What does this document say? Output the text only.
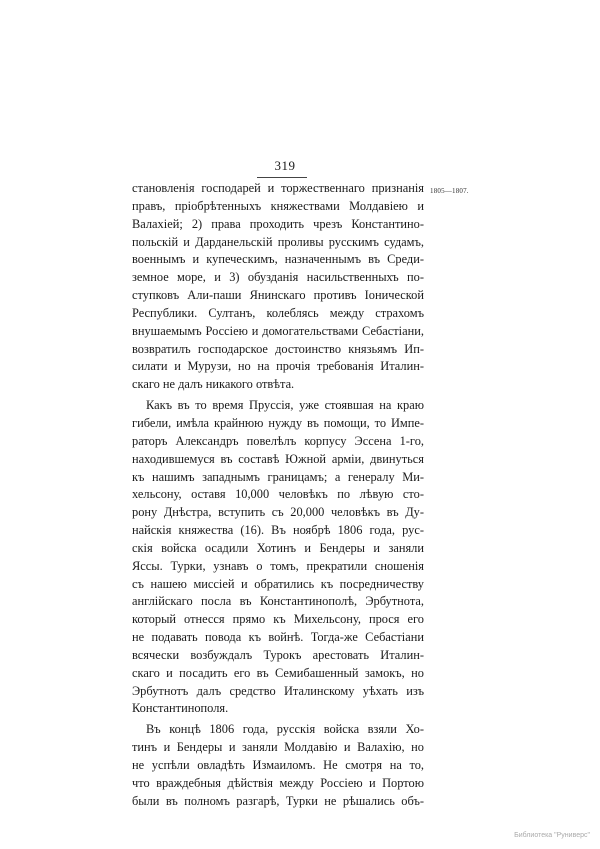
319
1805—1807.
становленія господарей и торжественнаго признанія
правъ, пріобрѣтенныхъ княжествами Молдавіею и
Валахіей; 2) права проходить чрезъ Константино-
польскій и Дарданельскій проливы русскимъ судамъ,
военнымъ и купеческимъ, назначеннымъ въ Среди-
земное море, и 3) обузданія насильственныхъ по-
ступковъ Али-паши Янинскаго противъ Іонической
Республики. Султанъ, колеблясь между страхомъ
внушаемымъ Россіею и домогательствами Себастіани,
возвратилъ господарское достоинство князьямъ Ип-
силати и Мурузи, но на прочія требованія Италин-
скаго не далъ никакого отвѣта.
Какъ въ то время Пруссія, уже стоявшая на краю
гибели, имѣла крайнюю нужду въ помощи, то Импе-
раторъ Александръ повелѣлъ корпусу Эссена 1-го,
находившемуся въ составѣ Южной арміи, двинуться
къ нашимъ западнымъ границамъ; а генералу Ми-
хельсону, оставя 10,000 человѣкъ по лѣвую сто-
рону Днѣстра, вступить съ 20,000 человѣкъ въ Ду-
найскія княжества (16). Въ ноябрѣ 1806 года, рус-
скія войска осадили Хотинъ и Бендеры и заняли
Яссы. Турки, узнавъ о томъ, прекратили сношенія
съ нашею миссіей и обратились къ посредничеству
англійскаго посла въ Константинополѣ, Эрбутнота,
который отнесся прямо къ Михельсону, прося его
не подавать повода къ войнѣ. Тогда-же Себастіани
всячески возбуждалъ Турокъ арестовать Италин-
скаго и посадить его въ Семибашенный замокъ, но
Эрбутнотъ далъ средство Италинскому уѣхать изъ
Константинополя.
Въ концѣ 1806 года, русскія войска взяли Хо-
тинъ и Бендеры и заняли Молдавію и Валахію, но
не успѣли овладѣть Измаиломъ. Не смотря на то,
что враждебныя дѣйствія между Россіею и Портою
были въ полномъ разгарѣ, Турки не рѣшались объ-
Библиотека "Руниверс"
